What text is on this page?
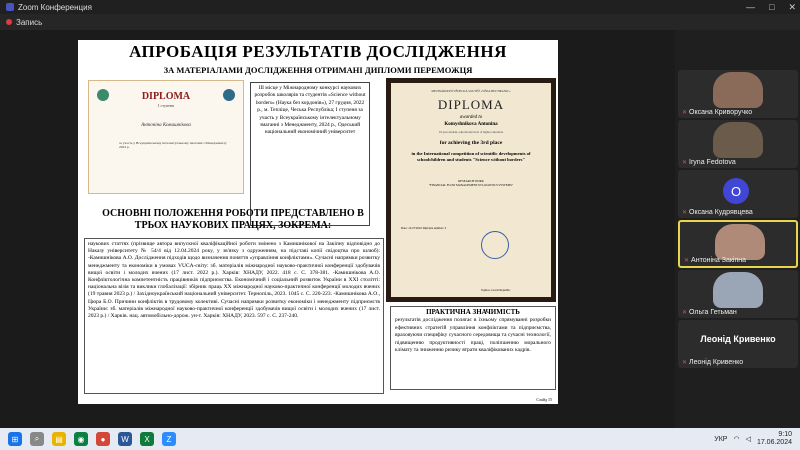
Zoom Конференция	— □ ✕
Запись
АПРОБАЦІЯ РЕЗУЛЬТАТІВ ДОСЛІДЖЕННЯ
ЗА МАТЕРІАЛАМИ ДОСЛІДЖЕННЯ ОТРИМАНІ ДИПЛОМИ ПЕРЕМОЖЦЯ
DIPLOMA
І ступеня
Антоніна Комишнікова
за участь у Всеукраїнському інтелектуальному змаганні з Менеджменту 2024 р.
ІІІ місце у Міжнародному конкурсі наукових розробок школярів та студентів «Science without borders» (Наука без кордонів»), 27 грудня, 2022 р., м. Тепліце, Чеська Республіка; І ступеня за участь у Всеукраїнському інтелектуальному змаганні з Менеджменту, 2024 р., Одеський національний економічний університет
MEZINÁRODNÍ VĚDECKÁ SOUTĚŽ «VĚDA BEZ HRANIC»
DIPLOMA
awarded to
Komyshnikova Antonina
2d year student, educational level of higher education
for achieving the 3rd place
in the International competition of scientific developments of schoolchildren and students "Science without borders"
RESEARCH WORK
"FINANCIAL FLOW MANAGEMENT IN LOGISTICS SYSTEMS"
Date: 12/27/2022 Diploma number: 3
Teplice, Czech Republic
ОСНОВНІ ПОЛОЖЕННЯ РОБОТИ ПРЕДСТАВЛЕНО В ТРЬОХ НАУКОВИХ ПРАЦЯХ, ЗОКРЕМА:
наукових статтях (прізвище автора випускної кваліфікаційної роботи змінено з Камишнікової на Закіпну відповідно до Наказу університету № 54/4 від 12.04.2024 року, у зв'язку з одруженням, на підставі копії свідоцтва про шлюб): -Камишнікова А.О. Дослідження підходів щодо визначення поняття «управління конфліктами». Сучасні напрямки розвитку менеджменту та економіки в умовах VUCA-світу: зб. матеріалів міжнародної науково-практичної конференції здобувачів вищої освіти і молодих вчених (17 лист. 2022 р.). Харків: ХНАДУ, 2022. 418 с. С. 378-381. -Камишнікова А.О. Конфліктологічна компетентність працівників підприємства. Економічний і соціальний розвиток України в ХХІ столітті: національна візія та виклики глобалізації: збірник праць ХХ міжнародної науково-практичної конференції молодих вчених (19 травня 2023 р.) / Західноукраїнський національний університет. Тернопіль, 2023. 1045 с. С. 220-223. -Камишнікова А.О., Цюра Б.О. Причини конфліктів в трудовому колективі. Сучасні напрямки розвитку економіки і менеджменту підприємств України: зб. матеріалів міжнародної науково-практичної конференції здобувачів вищої освіти і молодих вчених (17 лист. 2023 р.) / Харків. нац. автомобільно-дорож. ун-т. Харків: ХНАДУ, 2023. 597 с. С. 237-240.
ПРАКТИЧНА ЗНАЧИМІСТЬ
результатів дослідження полягає в їхньому спрямуванні розробки ефективних стратегій управління конфліктами та підприємства, враховуючи специфіку сучасного середовища та сучасні технології, підвищенню продуктивності праці, поліпшенню морального клімату та зниженню ризику втрати кваліфікованих кадрів.
Слайд 15
✕ Оксана Криворучко
✕ Iryna Fedotova
O
✕ Оксана Кудрявцева
✕ Антоніна Закіпна
✕ Ольга Гетьман
Леонід Кривенко
✕ Леонід Кривенко
⊞	⌕	▤	◉	●	W	X	Z	УКР ◠ ◁
9:10
17.06.2024
